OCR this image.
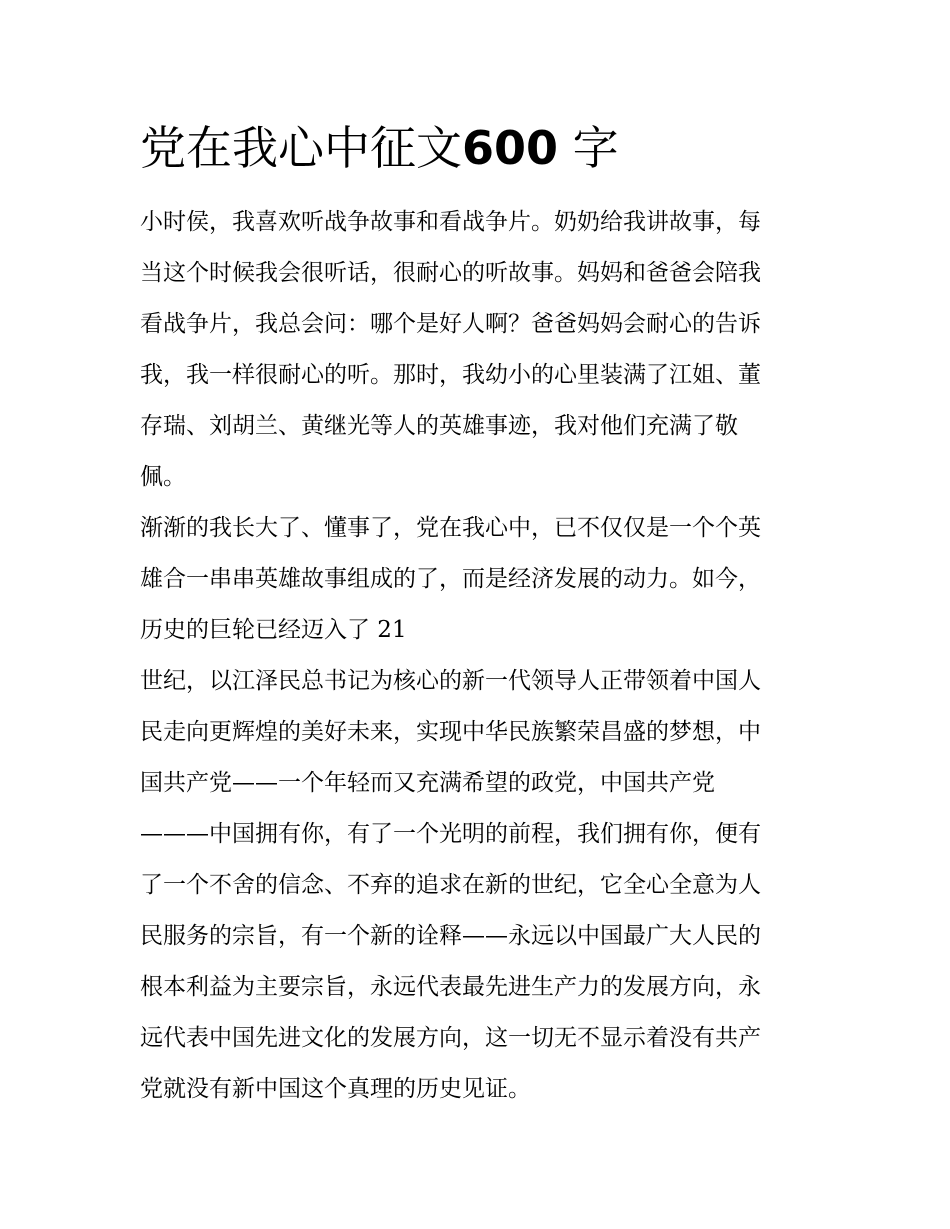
党在我心中征文600 字

小时侯，我喜欢听战争故事和看战争片。奶奶给我讲故事，每

当这个时候我会很听话，很耐心的听故事。妈妈和爸爸会陪我

看战争片，我总会问：哪个是好人啊？爸爸妈妈会耐心的告诉

我，我一样很耐心的听。那时，我幼小的心里装满了江姐、董

存瑞、刘胡兰、黄继光等人的英雄事迹，我对他们充满了敬

佩。

渐渐的我长大了、懂事了，党在我心中，已不仅仅是一个个英

雄合一串串英雄故事组成的了，而是经济发展的动力。如今，

历史的巨轮已经迈入了 21

世纪，以江泽民总书记为核心的新一代领导人正带领着中国人

民走向更辉煌的美好未来，实现中华民族繁荣昌盛的梦想，中

国共产党——一个年轻而又充满希望的政党，中国共产党

———中国拥有你，有了一个光明的前程，我们拥有你，便有

了一个不舍的信念、不弃的追求在新的世纪，它全心全意为人

民服务的宗旨，有一个新的诠释——永远以中国最广大人民的

根本利益为主要宗旨，永远代表最先进生产力的发展方向，永

远代表中国先进文化的发展方向，这一切无不显示着没有共产

党就没有新中国这个真理的历史见证。
